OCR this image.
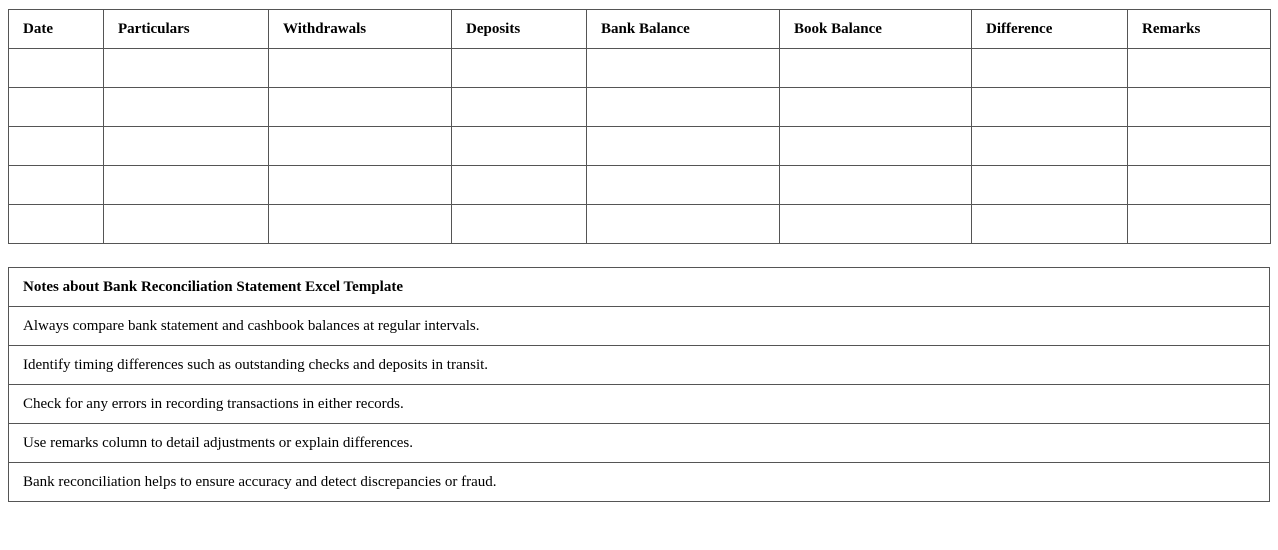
Date	Particulars	Withdrawals	Deposits	Bank Balance	Book Balance	Difference	Remarks

Notes about Bank Reconciliation Statement Excel Template
Always compare bank statement and cashbook balances at regular intervals.
Identify timing differences such as outstanding checks and deposits in transit.
Check for any errors in recording transactions in either records.
Use remarks column to detail adjustments or explain differences.
Bank reconciliation helps to ensure accuracy and detect discrepancies or fraud.
